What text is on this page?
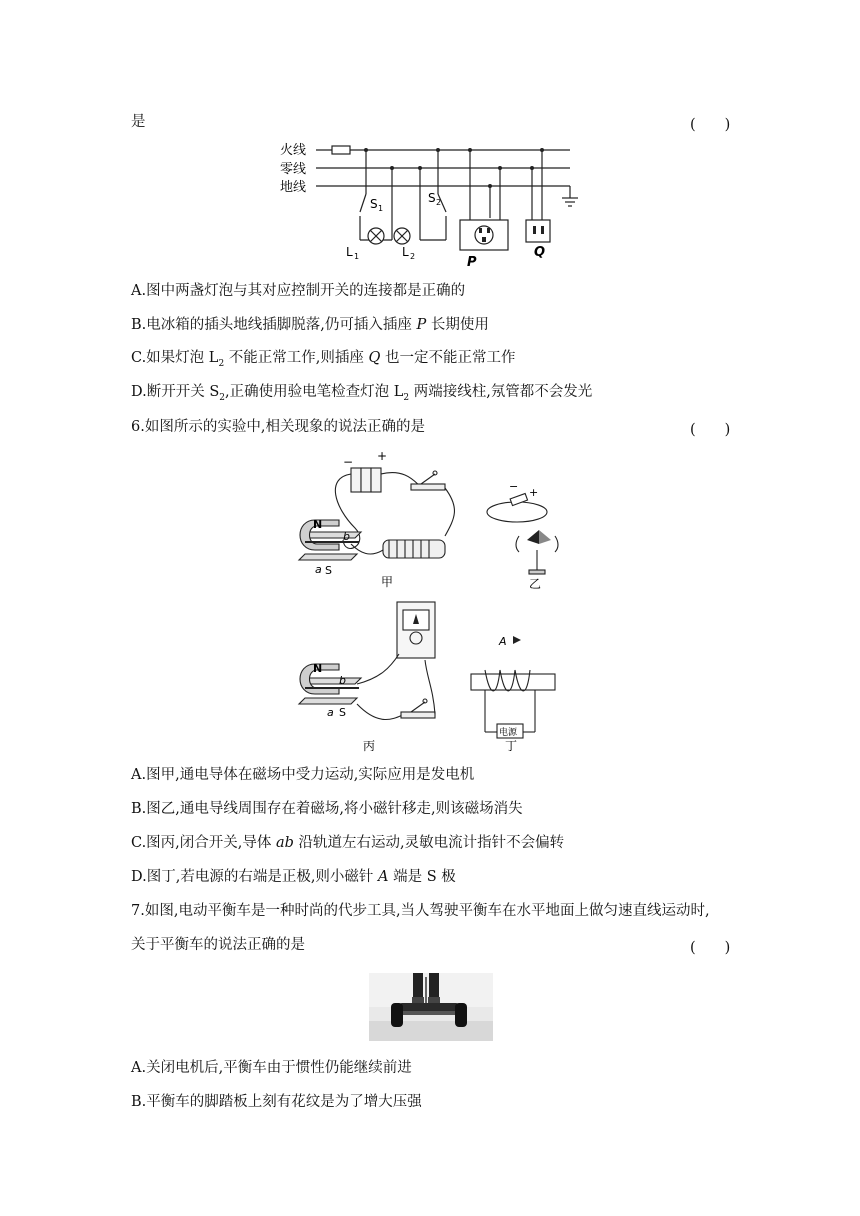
是	(　　)
火线
零线
地线
S 1
S 2
L 1	L 2	P
Q
A.图中两盏灯泡与其对应控制开关的连接都是正确的
B.电冰箱的插头地线插脚脱落,仍可插入插座 P 长期使用
C.如果灯泡 $L_2$ 不能正常工作,则插座 Q 也一定不能正常工作
D.断开开关 $S_2$,正确使用验电笔检查灯泡 $L_2$ 两端接线柱,氖管都不会发光
6.如图所示的实验中,相关现象的说法正确的是	(　　)
N
S
a
b
− +
甲
− +
乙
N
b
a S
丙
A
电源
丁
A.图甲,通电导体在磁场中受力运动,实际应用是发电机
B.图乙,通电导线周围存在着磁场,将小磁针移走,则该磁场消失
C.图丙,闭合开关,导体 ab 沿轨道左右运动,灵敏电流计指针不会偏转
D.图丁,若电源的右端是正极,则小磁针 A 端是 S 极
7.如图,电动平衡车是一种时尚的代步工具,当人驾驶平衡车在水平地面上做匀速直线运动时,
关于平衡车的说法正确的是	(　　)
A.关闭电机后,平衡车由于惯性仍能继续前进
B.平衡车的脚踏板上刻有花纹是为了增大压强
